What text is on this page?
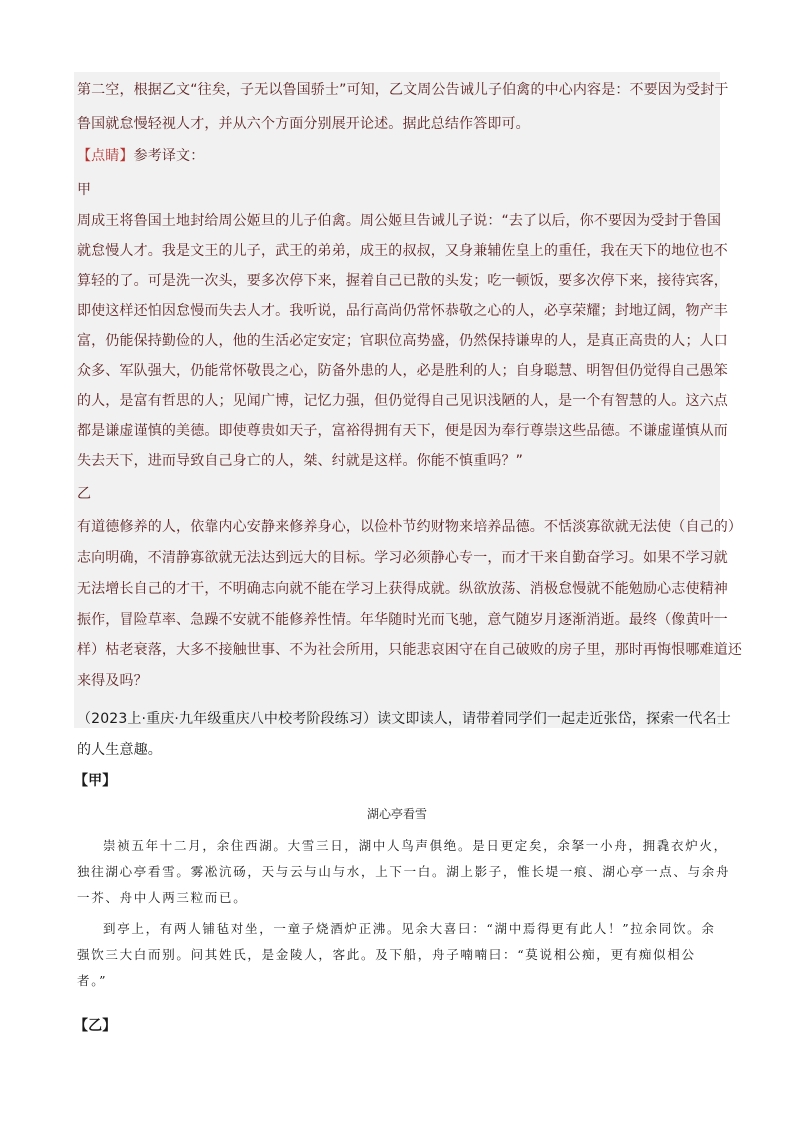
第二空，根据乙文“往矣，子无以鲁国骄士”可知，乙文周公告诫儿子伯禽的中心内容是：不要因为受封于
鲁国就怠慢轻视人才，并从六个方面分别展开论述。据此总结作答即可。
【点睛】参考译文：
甲
周成王将鲁国土地封给周公姬旦的儿子伯禽。周公姬旦告诫儿子说：“去了以后，你不要因为受封于鲁国
就怠慢人才。我是文王的儿子，武王的弟弟，成王的叔叔，又身兼辅佐皇上的重任，我在天下的地位也不
算轻的了。可是洗一次头，要多次停下来，握着自己已散的头发；吃一顿饭，要多次停下来，接待宾客，
即使这样还怕因怠慢而失去人才。我听说，品行高尚仍常怀恭敬之心的人，必享荣耀；封地辽阔，物产丰
富，仍能保持勤俭的人，他的生活必定安定；官职位高势盛，仍然保持谦卑的人，是真正高贵的人；人口
众多、军队强大，仍能常怀敬畏之心，防备外患的人，必是胜利的人；自身聪慧、明智但仍觉得自己愚笨
的人，是富有哲思的人；见闻广博，记忆力强，但仍觉得自己见识浅陋的人，是一个有智慧的人。这六点
都是谦虚谨慎的美德。即使尊贵如天子，富裕得拥有天下，便是因为奉行尊崇这些品德。不谦虚谨慎从而
失去天下，进而导致自己身亡的人，桀、纣就是这样。你能不慎重吗？”
乙
有道德修养的人，依靠内心安静来修养身心，以俭朴节约财物来培养品德。不恬淡寡欲就无法使（自己的）
志向明确，不清静寡欲就无法达到远大的目标。学习必须静心专一，而才干来自勤奋学习。如果不学习就
无法增长自己的才干，不明确志向就不能在学习上获得成就。纵欲放荡、消极怠慢就不能勉励心志使精神
振作，冒险草率、急躁不安就不能修养性情。年华随时光而飞驰，意气随岁月逐渐消逝。最终（像黄叶一
样）枯老衰落，大多不接触世事、不为社会所用，只能悲哀困守在自己破败的房子里，那时再悔恨哪难道还
来得及吗？
（2023上·重庆·九年级重庆八中校考阶段练习）读文即读人，请带着同学们一起走近张岱，探索一代名士
的人生意趣。
【甲】
湖心亭看雪
崇祯五年十二月，余住西湖。大雪三日，湖中人鸟声俱绝。是日更定矣，余拏一小舟，拥毳衣炉火，
独往湖心亭看雪。雾凇沆砀，天与云与山与水，上下一白。湖上影子，惟长堤一痕、湖心亭一点、与余舟
一芥、舟中人两三粒而已。
到亭上，有两人铺毡对坐，一童子烧酒炉正沸。见余大喜曰：“湖中焉得更有此人！”拉余同饮。余
强饮三大白而别。问其姓氏，是金陵人，客此。及下船，舟子喃喃曰：“莫说相公痴，更有痴似相公
者。”
【乙】
